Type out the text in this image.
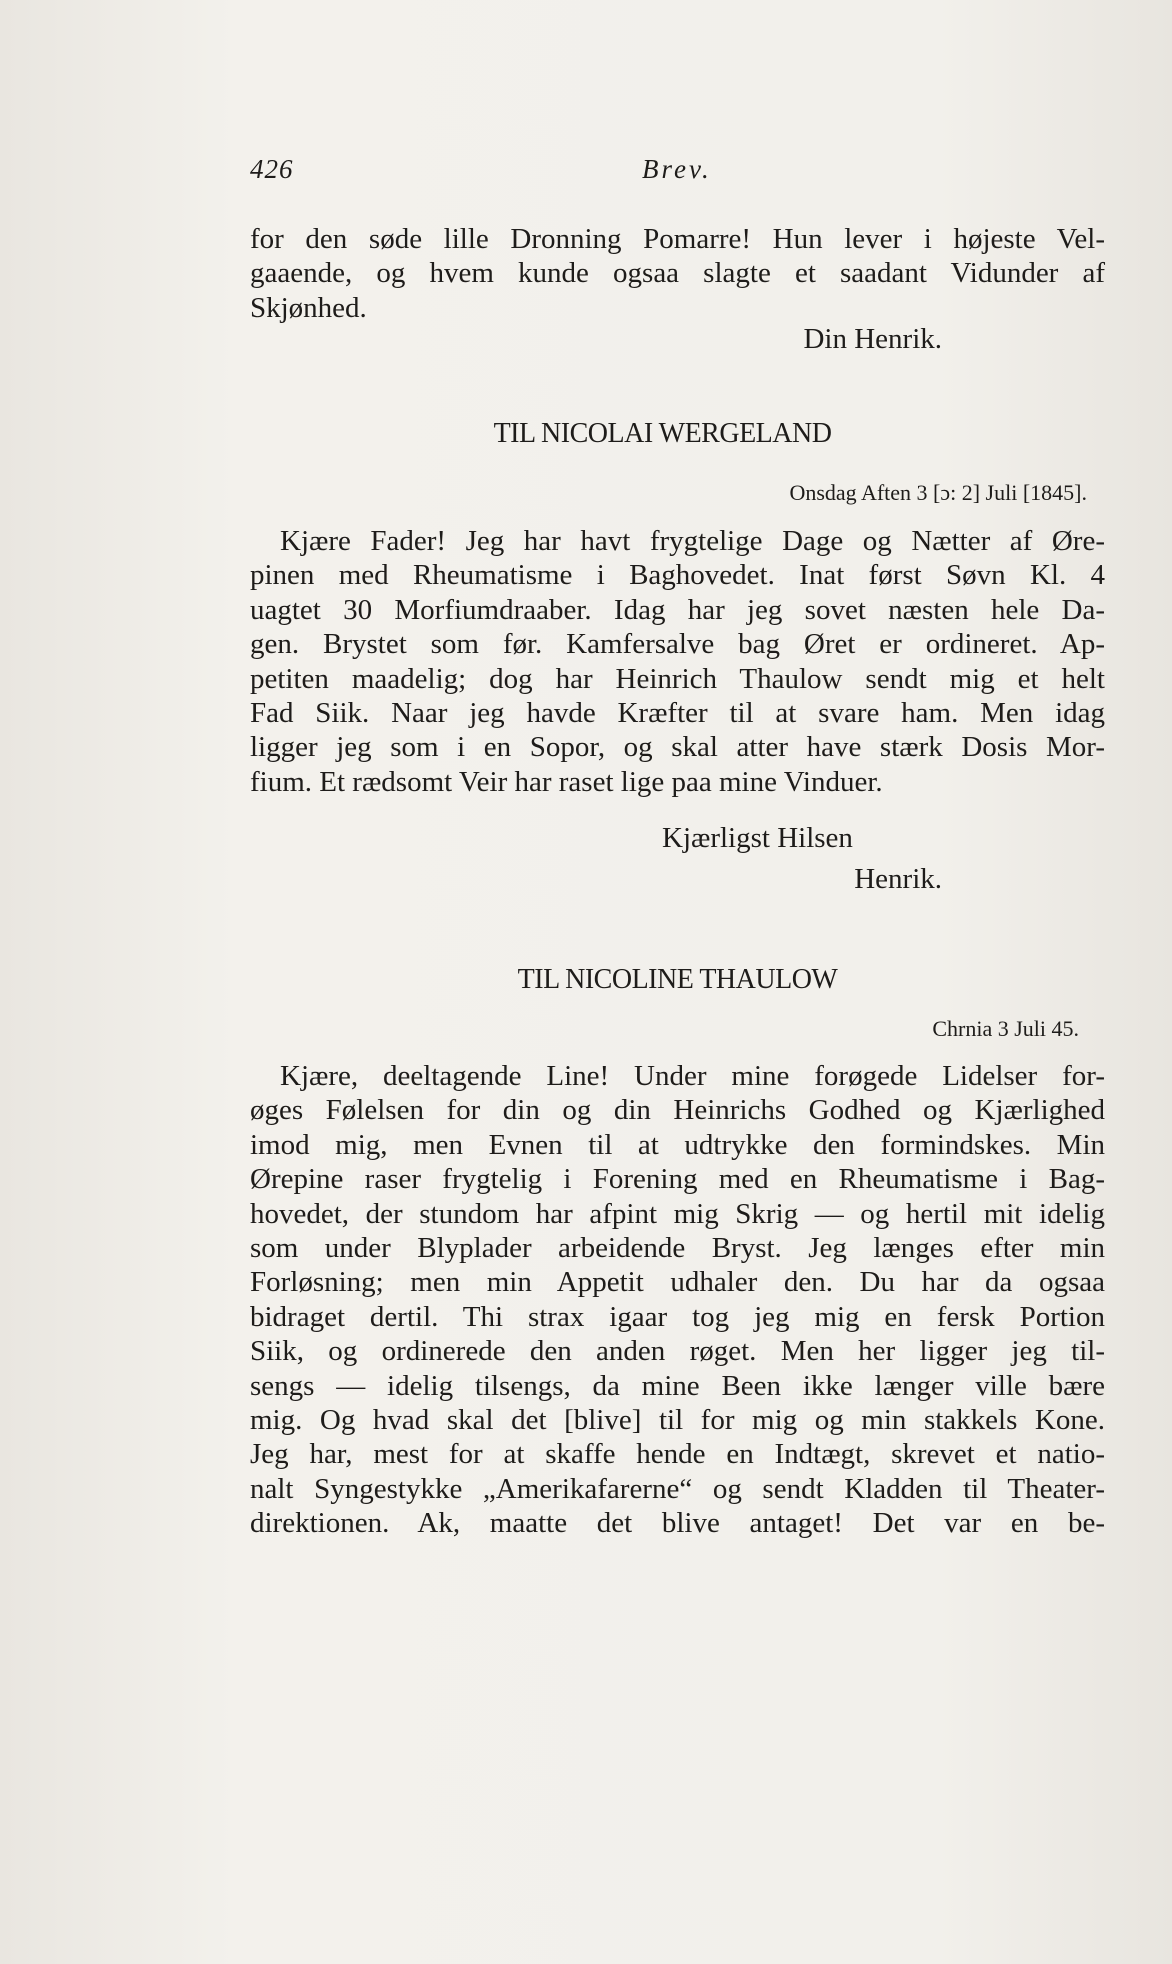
426	Brev.
for den søde lille Dronning Pomarre! Hun lever i højeste Vel-
gaaende, og hvem kunde ogsaa slagte et saadant Vidunder af
Skjønhed.
Din Henrik.
TIL NICOLAI WERGELAND
Onsdag Aften 3 [ɔ: 2] Juli [1845].
Kjære Fader! Jeg har havt frygtelige Dage og Nætter af Øre-
pinen med Rheumatisme i Baghovedet. Inat først Søvn Kl. 4
uagtet 30 Morfiumdraaber. Idag har jeg sovet næsten hele Da-
gen. Brystet som før. Kamfersalve bag Øret er ordineret. Ap-
petiten maadelig; dog har Heinrich Thaulow sendt mig et helt
Fad Siik. Naar jeg havde Kræfter til at svare ham. Men idag
ligger jeg som i en Sopor, og skal atter have stærk Dosis Mor-
fium. Et rædsomt Veir har raset lige paa mine Vinduer.
Kjærligst Hilsen
Henrik.
TIL NICOLINE THAULOW
Chrnia 3 Juli 45.
Kjære, deeltagende Line! Under mine forøgede Lidelser for-
øges Følelsen for din og din Heinrichs Godhed og Kjærlighed
imod mig, men Evnen til at udtrykke den formindskes. Min
Ørepine raser frygtelig i Forening med en Rheumatisme i Bag-
hovedet, der stundom har afpint mig Skrig — og hertil mit idelig
som under Blyplader arbeidende Bryst. Jeg længes efter min
Forløsning; men min Appetit udhaler den. Du har da ogsaa
bidraget dertil. Thi strax igaar tog jeg mig en fersk Portion
Siik, og ordinerede den anden røget. Men her ligger jeg til-
sengs — idelig tilsengs, da mine Been ikke længer ville bære
mig. Og hvad skal det [blive] til for mig og min stakkels Kone.
Jeg har, mest for at skaffe hende en Indtægt, skrevet et natio-
nalt Syngestykke „Amerikafarerne“ og sendt Kladden til Theater-
direktionen. Ak, maatte det blive antaget! Det var en be-
